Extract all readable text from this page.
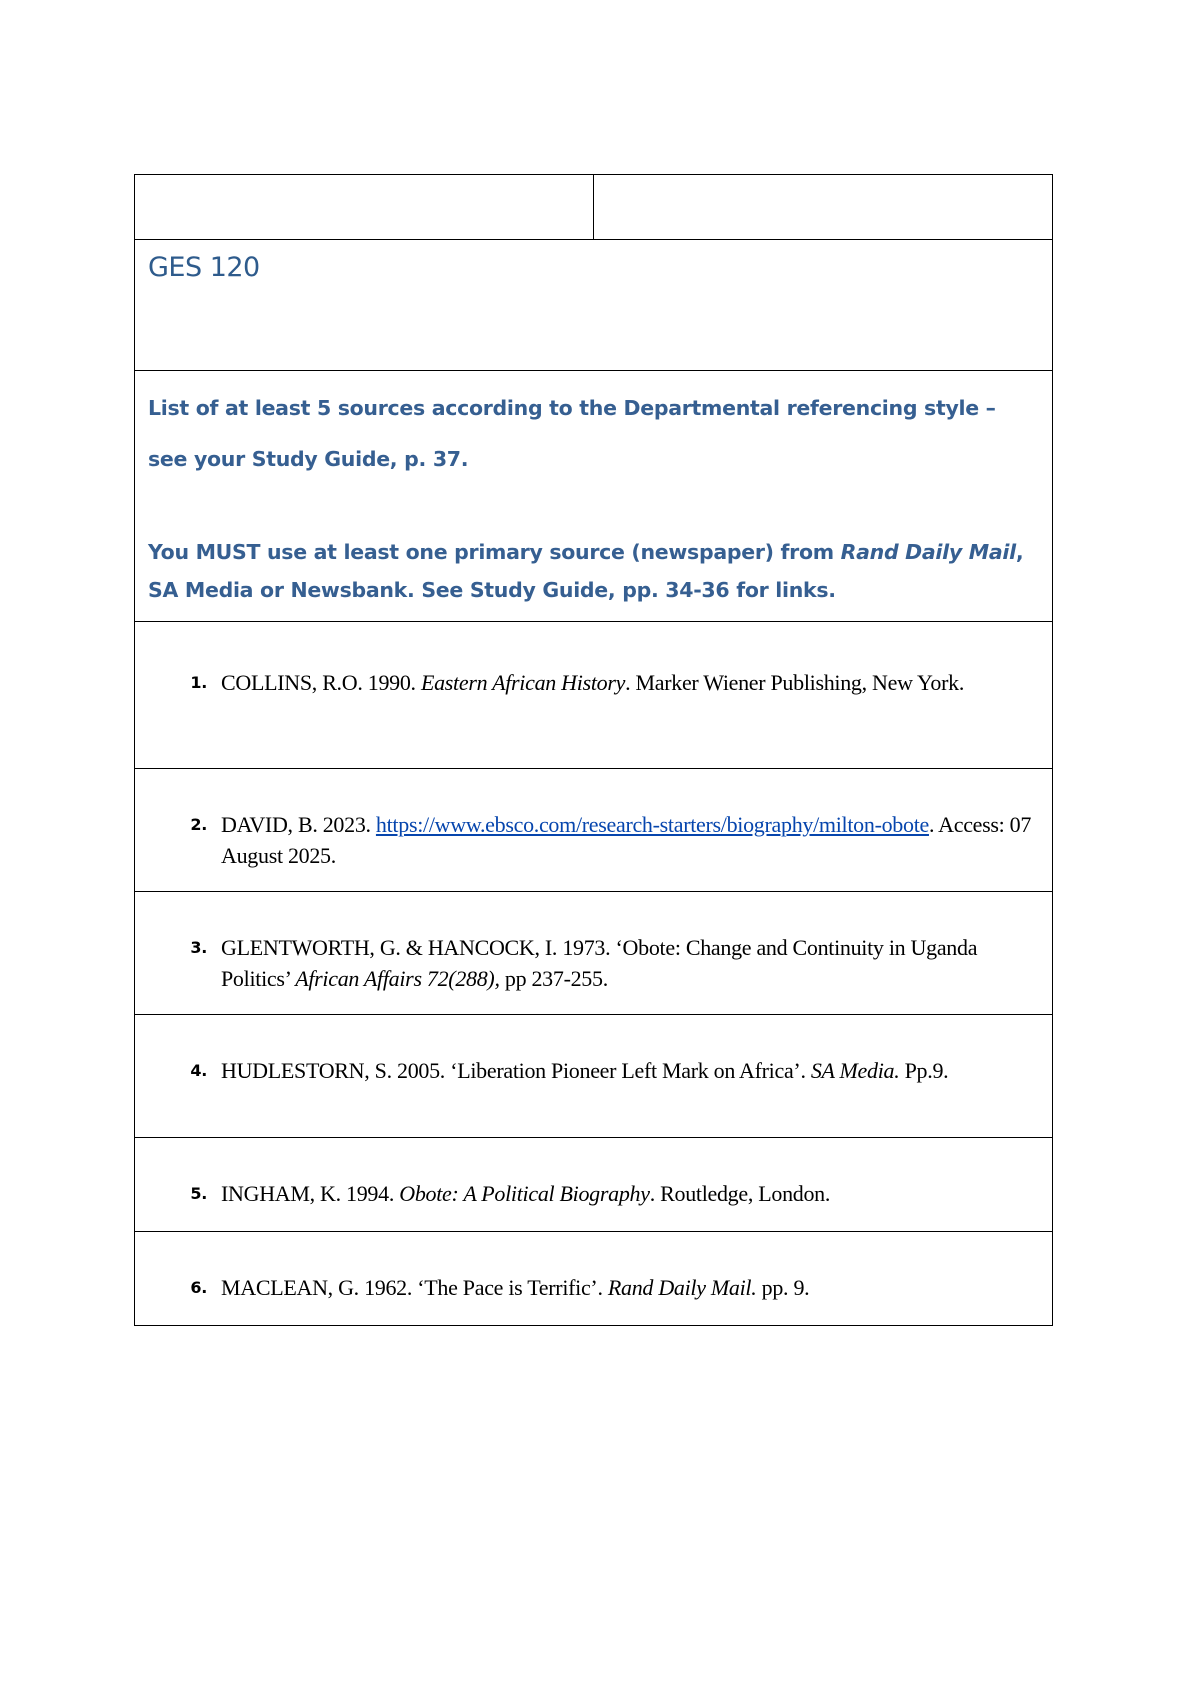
GES 120

List of at least 5 sources according to the Departmental referencing style –
see your Study Guide, p. 37.
You MUST use at least one primary source (newspaper) from Rand Daily Mail, SA Media or Newsbank. See Study Guide, pp. 34-36 for links.

1. COLLINS, R.O. 1990. Eastern African History. Marker Wiener Publishing, New York.

2. DAVID, B. 2023. https://www.ebsco.com/research-starters/biography/milton-obote. Access: 07 August 2025.

3. GLENTWORTH, G. & HANCOCK, I. 1973. ‘Obote: Change and Continuity in Uganda Politics’ African Affairs 72(288), pp 237-255.

4. HUDLESTORN, S. 2005. ‘Liberation Pioneer Left Mark on Africa’. SA Media. Pp.9.

5. INGHAM, K. 1994. Obote: A Political Biography. Routledge, London.

6. MACLEAN, G. 1962. ‘The Pace is Terrific’. Rand Daily Mail. pp. 9.
